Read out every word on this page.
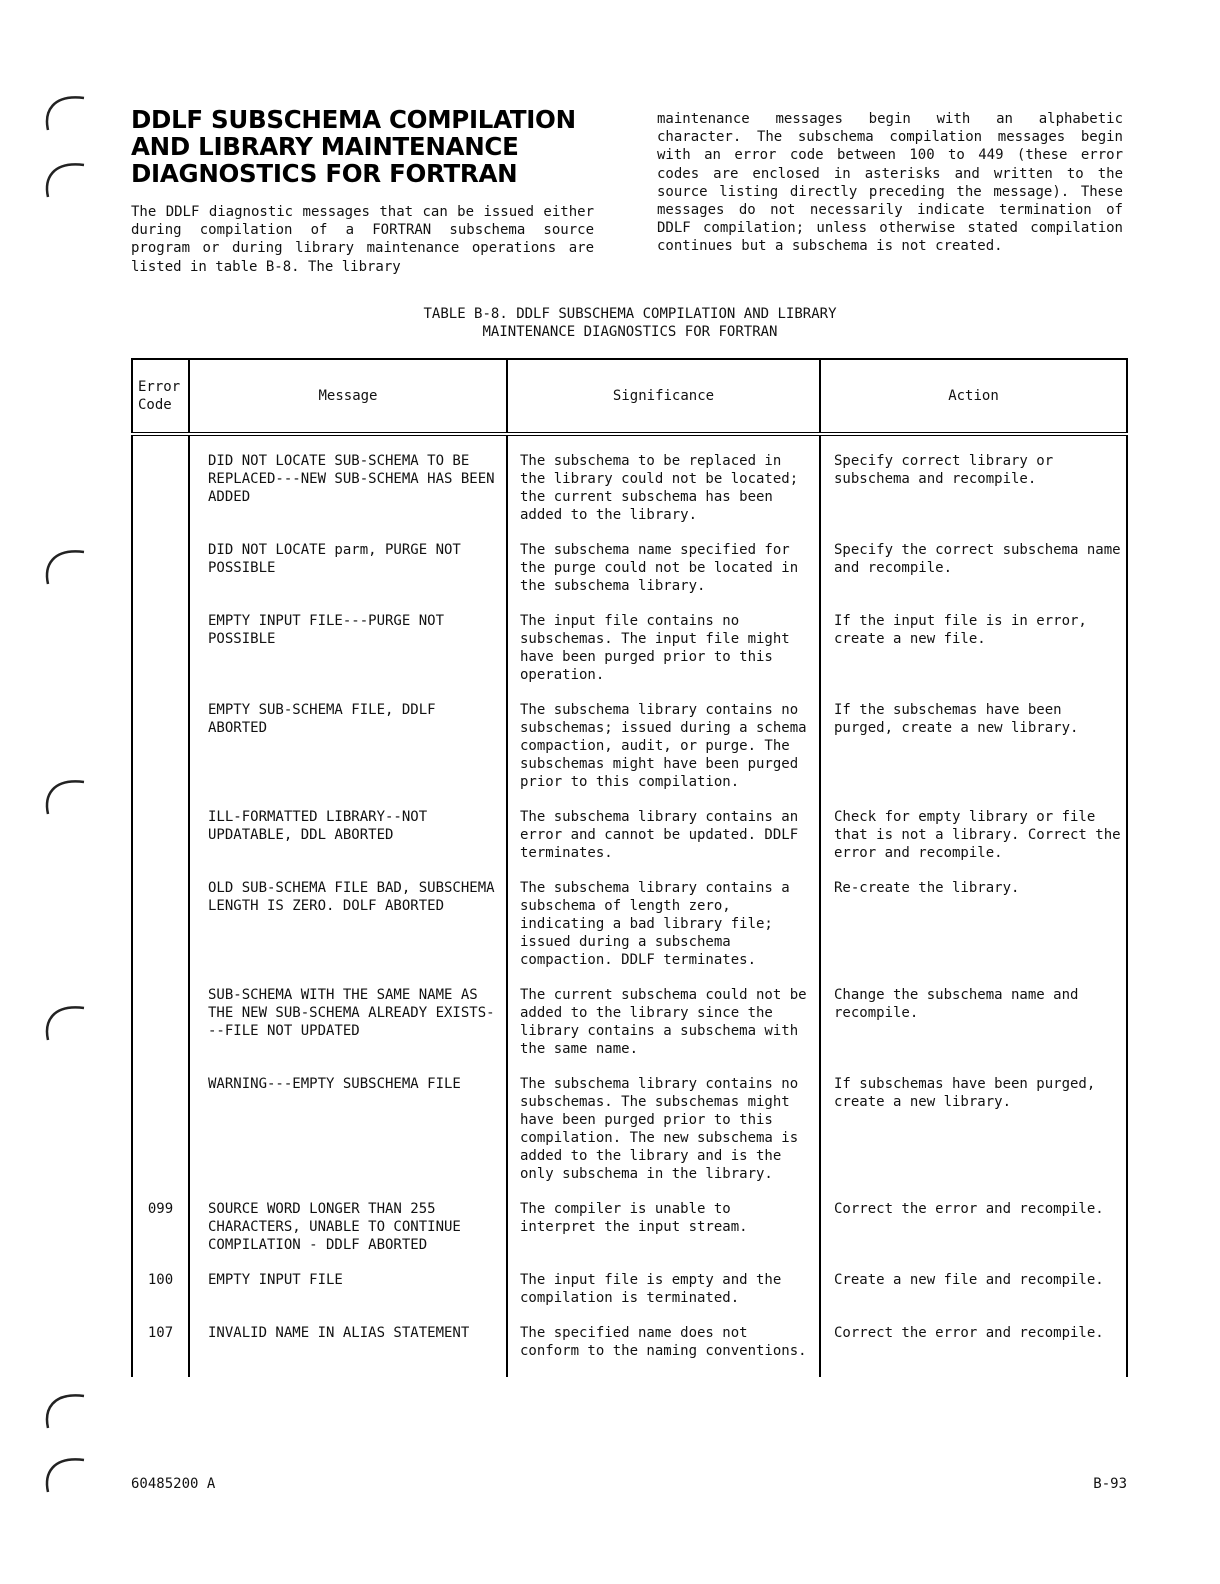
DDLF SUBSCHEMA COMPILATION
AND LIBRARY MAINTENANCE
DIAGNOSTICS FOR FORTRAN

The DDLF diagnostic messages that can be issued either during compilation of a FORTRAN subschema source program or during library maintenance operations are listed in table B-8. The library

maintenance messages begin with an alphabetic character. The subschema compilation messages begin with an error code between 100 to 449 (these error codes are enclosed in asterisks and written to the source listing directly preceding the message). These messages do not necessarily indicate termination of DDLF compilation; unless otherwise stated compilation continues but a subschema is not created.

TABLE B-8. DDLF SUBSCHEMA COMPILATION AND LIBRARY
MAINTENANCE DIAGNOSTICS FOR FORTRAN
Error
Code	Message	Significance	Action
	DID NOT LOCATE SUB-SCHEMA TO BE REPLACED---NEW SUB-SCHEMA HAS BEEN ADDED	The subschema to be replaced in the library could not be located; the current subschema has been added to the library.	Specify correct library or subschema and recompile.
	DID NOT LOCATE parm, PURGE NOT POSSIBLE	The subschema name specified for the purge could not be located in the subschema library.	Specify the correct subschema name and recompile.
	EMPTY INPUT FILE---PURGE NOT POSSIBLE	The input file contains no subschemas. The input file might have been purged prior to this operation.	If the input file is in error, create a new file.
	EMPTY SUB-SCHEMA FILE, DDLF ABORTED	The subschema library contains no subschemas; issued during a schema compaction, audit, or purge. The subschemas might have been purged prior to this compilation.	If the subschemas have been purged, create a new library.
	ILL-FORMATTED LIBRARY--NOT UPDATABLE, DDL ABORTED	The subschema library contains an error and cannot be updated. DDLF terminates.	Check for empty library or file that is not a library. Correct the error and recompile.
	OLD SUB-SCHEMA FILE BAD, SUBSCHEMA LENGTH IS ZERO. DOLF ABORTED	The subschema library contains a subschema of length zero, indicating a bad library file; issued during a subschema compaction. DDLF terminates.	Re-create the library.
	SUB-SCHEMA WITH THE SAME NAME AS THE NEW SUB-SCHEMA ALREADY EXISTS---FILE NOT UPDATED	The current subschema could not be added to the library since the library contains a subschema with the same name.	Change the subschema name and recompile.
	WARNING---EMPTY SUBSCHEMA FILE	The subschema library contains no subschemas. The subschemas might have been purged prior to this compilation. The new subschema is added to the library and is the only subschema in the library.	If subschemas have been purged, create a new library.
099	SOURCE WORD LONGER THAN 255 CHARACTERS, UNABLE TO CONTINUE COMPILATION - DDLF ABORTED	The compiler is unable to interpret the input stream.	Correct the error and recompile.
100	EMPTY INPUT FILE	The input file is empty and the compilation is terminated.	Create a new file and recompile.
107	INVALID NAME IN ALIAS STATEMENT	The specified name does not conform to the naming conventions.	Correct the error and recompile.
60485200 A	B-93
